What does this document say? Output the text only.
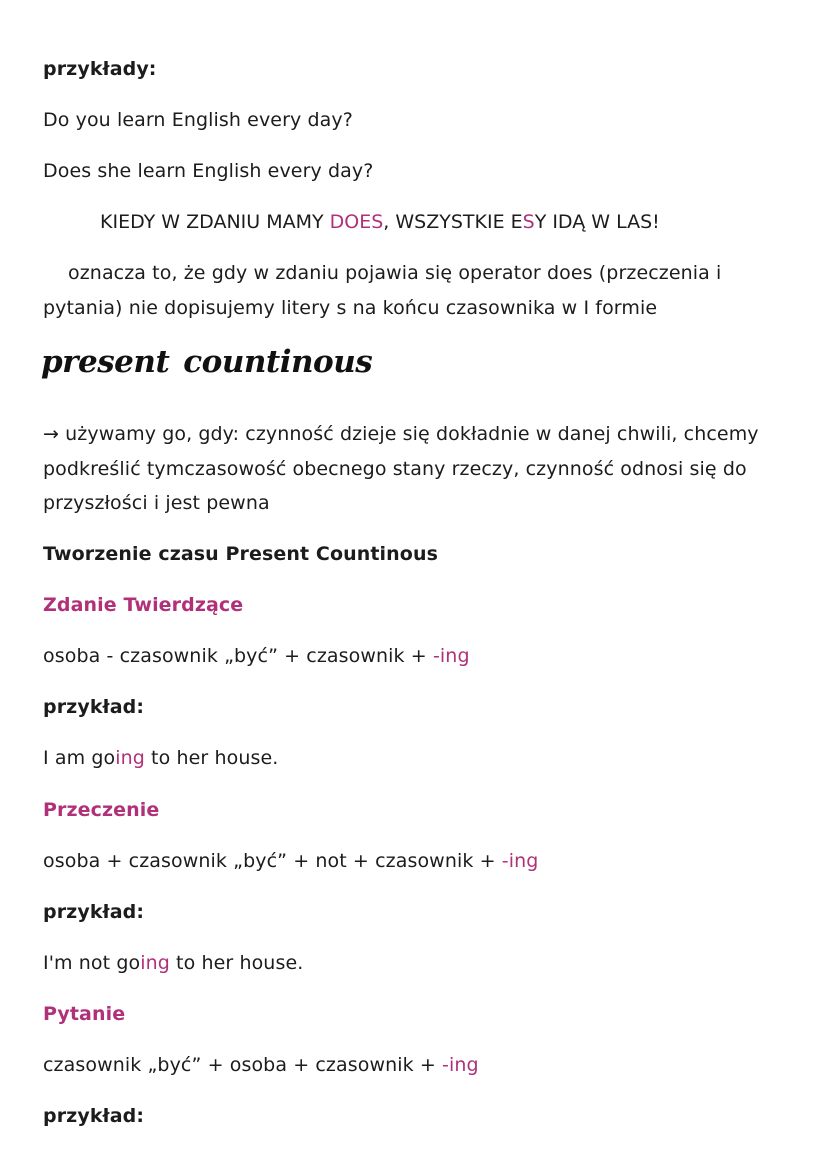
przykłady:
Do you learn English every day?
Does she learn English every day?
KIEDY W ZDANIU MAMY DOES, WSZYSTKIE ESY IDĄ W LAS!
oznacza to, że gdy w zdaniu pojawia się operator does (przeczenia i
pytania) nie dopisujemy litery s na końcu czasownika w I formie
present countinous
→ używamy go, gdy: czynność dzieje się dokładnie w danej chwili, chcemy
podkreślić tymczasowość obecnego stany rzeczy, czynność odnosi się do
przyszłości i jest pewna
Tworzenie czasu Present Countinous
Zdanie Twierdzące
osoba - czasownik „być” + czasownik + -ing
przykład:
I am going to her house.
Przeczenie
osoba + czasownik „być” + not + czasownik + -ing
przykład:
I'm not going to her house.
Pytanie
czasownik „być” + osoba + czasownik + -ing
przykład:
